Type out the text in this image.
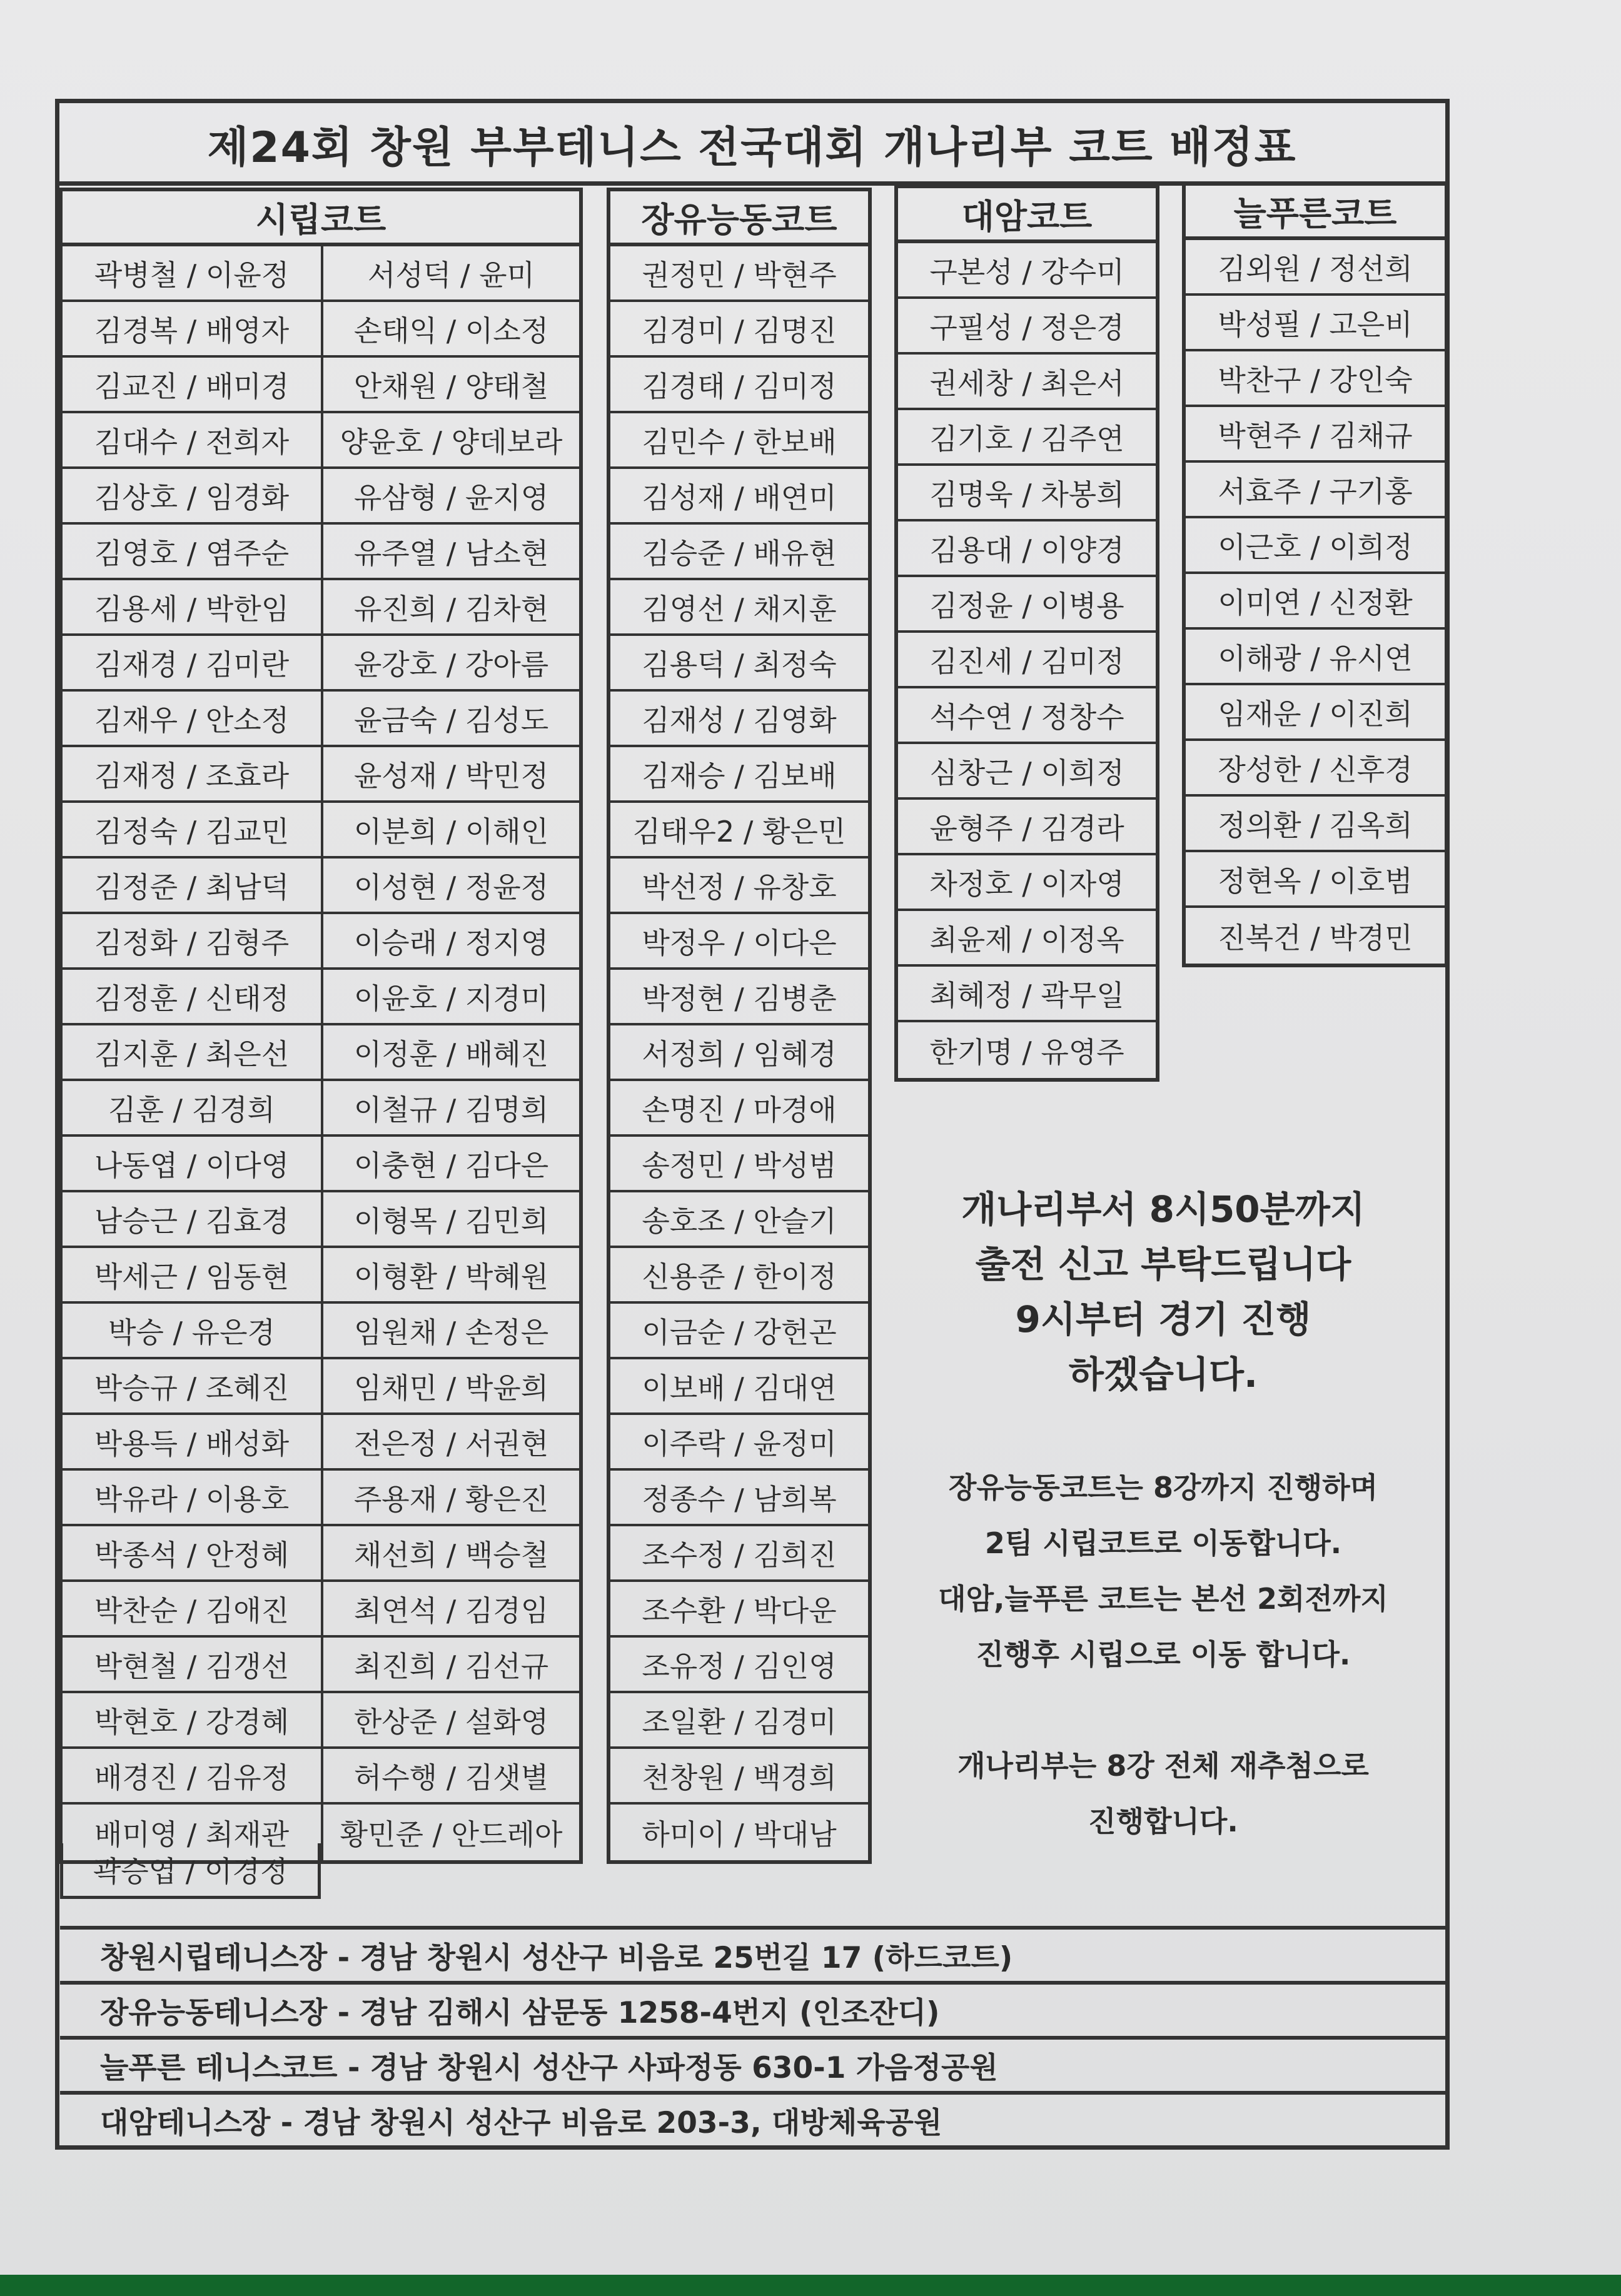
제24회 창원 부부테니스 전국대회 개나리부 코트 배정표
시립코트
곽병철 / 이윤정	서성덕 / 윤미
김경복 / 배영자	손태익 / 이소정
김교진 / 배미경	안채원 / 양태철
김대수 / 전희자	양윤호 / 양데보라
김상호 / 임경화	유삼형 / 윤지영
김영호 / 염주순	유주열 / 남소현
김용세 / 박한임	유진희 / 김차현
김재경 / 김미란	윤강호 / 강아름
김재우 / 안소정	윤금숙 / 김성도
김재정 / 조효라	윤성재 / 박민정
김정숙 / 김교민	이분희 / 이해인
김정준 / 최남덕	이성현 / 정윤정
김정화 / 김형주	이승래 / 정지영
김정훈 / 신태정	이윤호 / 지경미
김지훈 / 최은선	이정훈 / 배혜진
김훈 / 김경희	이철규 / 김명희
나동엽 / 이다영	이충현 / 김다은
남승근 / 김효경	이형목 / 김민희
박세근 / 임동현	이형환 / 박혜원
박승 / 유은경	임원채 / 손정은
박승규 / 조혜진	임채민 / 박윤희
박용득 / 배성화	전은정 / 서권현
박유라 / 이용호	주용재 / 황은진
박종석 / 안정혜	채선희 / 백승철
박찬순 / 김애진	최연석 / 김경임
박현철 / 김갱선	최진희 / 김선규
박현호 / 강경혜	한상준 / 설화영
배경진 / 김유정	허수행 / 김샛별
배미영 / 최재관	황민준 / 안드레아
곽승엽 / 이경정
장유능동코트
권정민 / 박현주
김경미 / 김명진
김경태 / 김미정
김민수 / 한보배
김성재 / 배연미
김승준 / 배유현
김영선 / 채지훈
김용덕 / 최정숙
김재성 / 김영화
김재승 / 김보배
김태우2 / 황은민
박선정 / 유창호
박정우 / 이다은
박정현 / 김병춘
서정희 / 임혜경
손명진 / 마경애
송정민 / 박성범
송호조 / 안슬기
신용준 / 한이정
이금순 / 강헌곤
이보배 / 김대연
이주락 / 윤정미
정종수 / 남희복
조수정 / 김희진
조수환 / 박다운
조유정 / 김인영
조일환 / 김경미
천창원 / 백경희
하미이 / 박대남
대암코트
구본성 / 강수미
구필성 / 정은경
권세창 / 최은서
김기호 / 김주연
김명욱 / 차봉희
김용대 / 이양경
김정윤 / 이병용
김진세 / 김미정
석수연 / 정창수
심창근 / 이희정
윤형주 / 김경라
차정호 / 이자영
최윤제 / 이정옥
최혜정 / 곽무일
한기명 / 유영주
늘푸른코트
김외원 / 정선희
박성필 / 고은비
박찬구 / 강인숙
박현주 / 김채규
서효주 / 구기홍
이근호 / 이희정
이미연 / 신정환
이해광 / 유시연
임재운 / 이진희
장성한 / 신후경
정의환 / 김옥희
정현옥 / 이호범
진복건 / 박경민

개나리부서 8시50분까지

출전 신고 부탁드립니다

9시부터 경기 진행

하겠습니다.

장유능동코트는 8강까지 진행하며

2팀 시립코트로 이동합니다.

대암,늘푸른 코트는 본선 2회전까지

진행후 시립으로 이동 합니다.

개나리부는 8강 전체 재추첨으로

진행합니다.

창원시립테니스장 - 경남 창원시 성산구 비음로 25번길 17 (하드코트)
장유능동테니스장 - 경남 김해시 삼문동 1258-4번지 (인조잔디)
늘푸른 테니스코트 - 경남 창원시 성산구 사파정동 630-1 가음정공원
대암테니스장 - 경남 창원시 성산구 비음로 203-3, 대방체육공원
